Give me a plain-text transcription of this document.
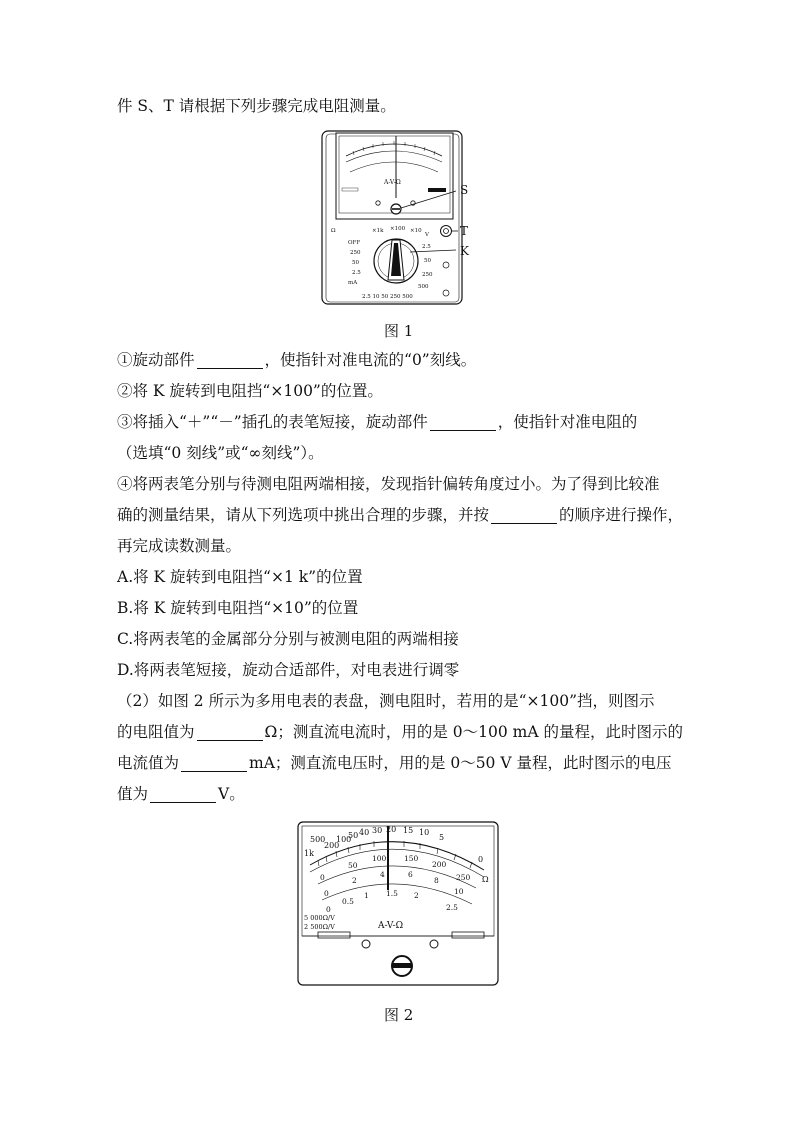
件 S、T 请根据下列步骤完成电阻测量。
A-V-Ω
S
T
K
Ω
OFF
250
50
2.5
mA
×1k ×100 ×10
V
2.5
50
250
500
2.5 10 50 250 500
图 1
①旋动部件	，使指针对准电流的“0”刻线。
②将 K 旋转到电阻挡“×100”的位置。
③将插入“＋”“－”插孔的表笔短接，旋动部件	，使指针对准电阻的
（选填“0 刻线”或“∞刻线”）。
④将两表笔分别与待测电阻两端相接，发现指针偏转角度过小。为了得到比较准
确的测量结果，请从下列选项中挑出合理的步骤，并按	的顺序进行操作，
再完成读数测量。
A.将 K 旋转到电阻挡“×1 k”的位置
B.将 K 旋转到电阻挡“×10”的位置
C.将两表笔的金属部分分别与被测电阻的两端相接
D.将两表笔短接，旋动合适部件，对电表进行调零
（2）如图 2 所示为多用电表的表盘，测电阻时，若用的是“×100”挡，则图示
的电阻值为	Ω；测直流电流时，用的是 0～100 mA 的量程，此时图示的
电流值为	mA；测直流电压时，用的是 0～50 V 量程，此时图示的电压
值为	V。
1k
500
200
100
50 40 30 20 15 10
5
0
Ω
0
50
100 150
200
250
0
2
4	6
8
10
0
0.5
1 1.5 2
2.5
5 000Ω/V
2 500Ω/V	A-V-Ω
图 2
